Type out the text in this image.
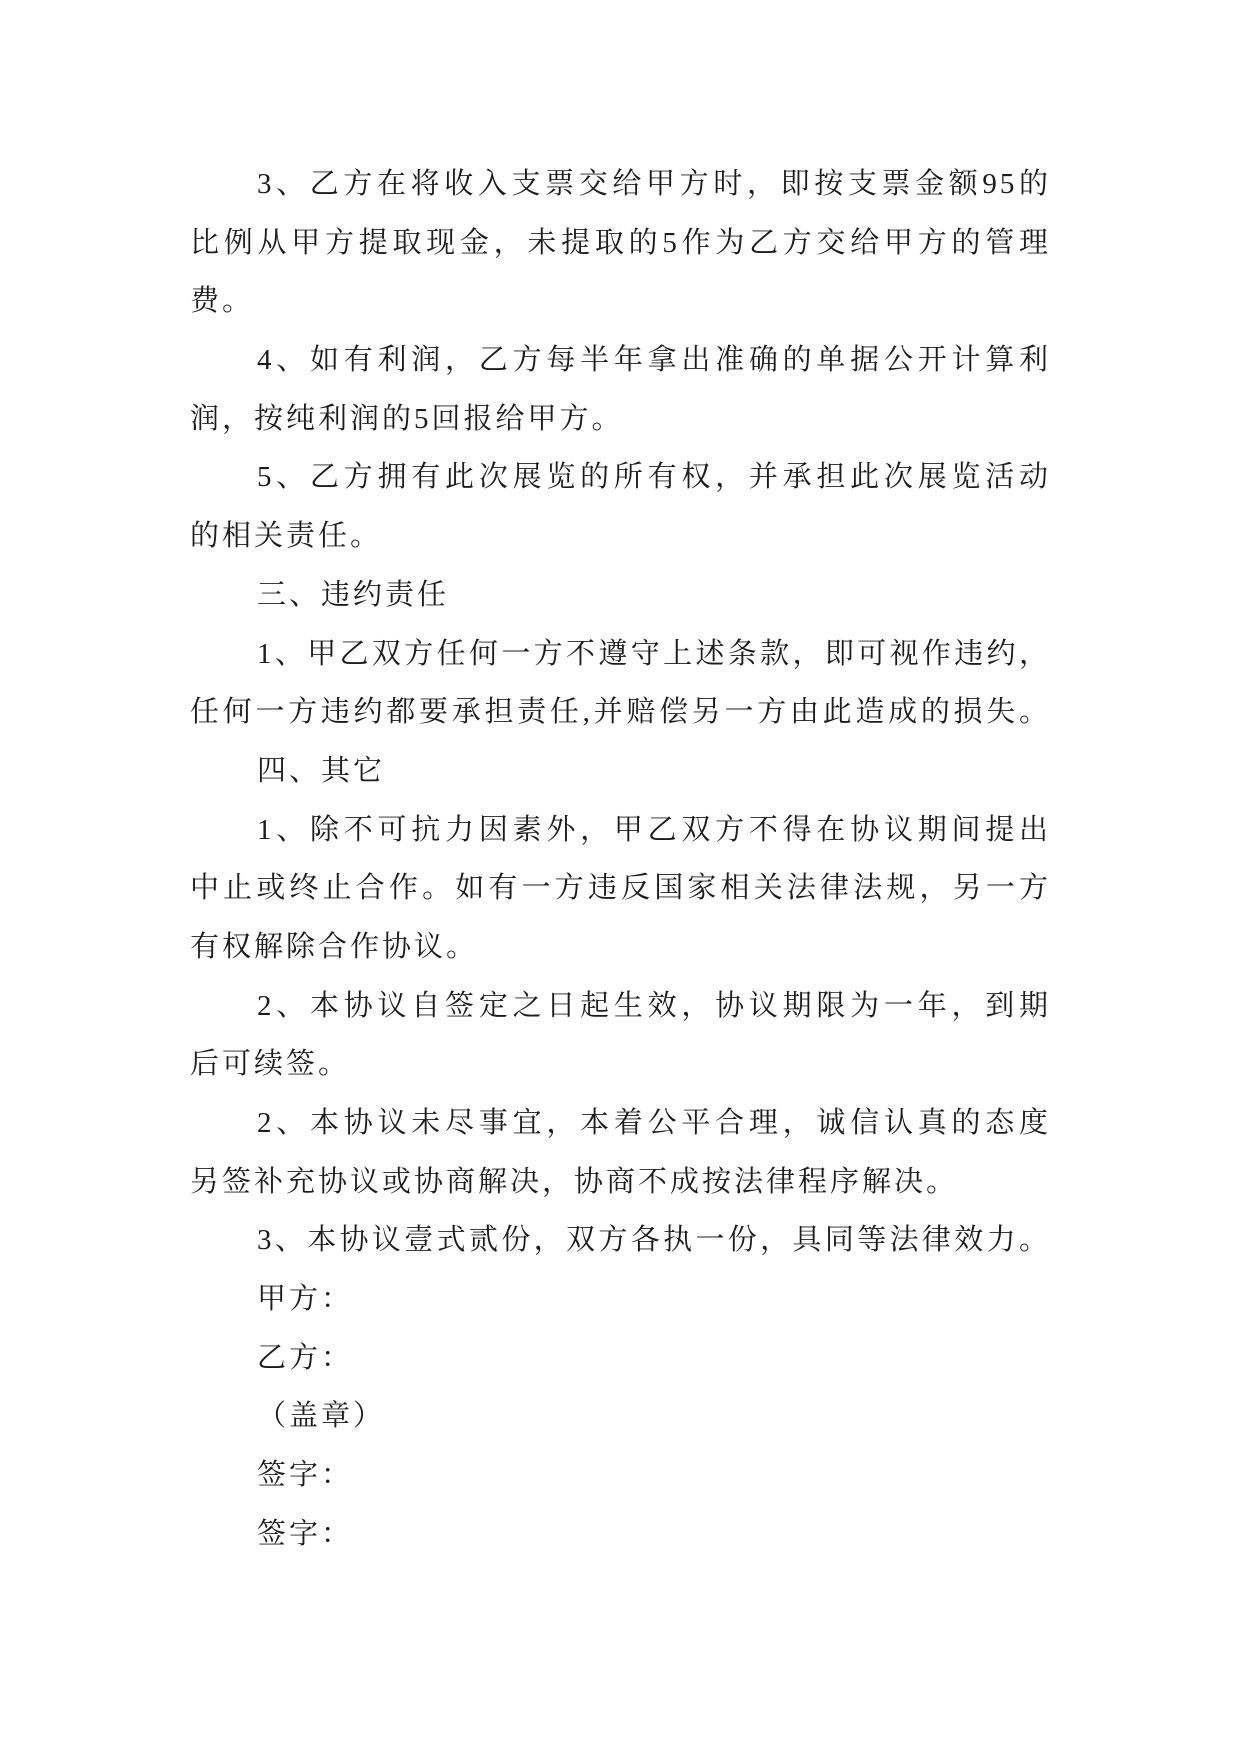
3、乙方在将收入支票交给甲方时，即按支票金额95的
比例从甲方提取现金，未提取的5作为乙方交给甲方的管理
费。
4、如有利润，乙方每半年拿出准确的单据公开计算利
润，按纯利润的5回报给甲方。
5、乙方拥有此次展览的所有权，并承担此次展览活动
的相关责任。
三、违约责任
1、甲乙双方任何一方不遵守上述条款，即可视作违约，
任何一方违约都要承担责任,并赔偿另一方由此造成的损失。
四、其它
1、除不可抗力因素外，甲乙双方不得在协议期间提出
中止或终止合作。如有一方违反国家相关法律法规，另一方
有权解除合作协议。
2、本协议自签定之日起生效，协议期限为一年，到期
后可续签。
2、本协议未尽事宜，本着公平合理，诚信认真的态度
另签补充协议或协商解决，协商不成按法律程序解决。
3、本协议壹式贰份，双方各执一份，具同等法律效力。
甲方：
乙方：
（盖章）
签字：
签字：
